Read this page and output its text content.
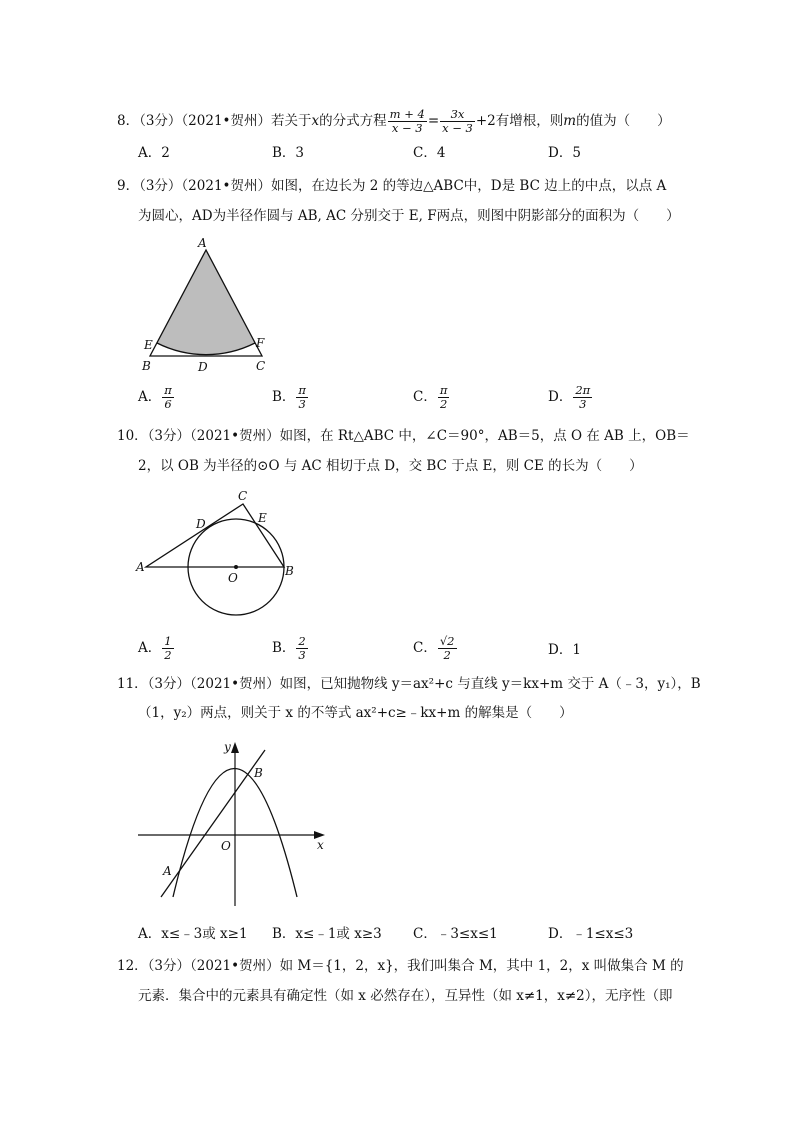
8．（3分）（2021•贺州）若关于x的分式方程 $\frac{m + 4}{x - 3} = \frac{3x}{x - 3} +2$有增根，则m的值为（　　）
A．2	B．3	C．4	D．5
9．（3分）（2021•贺州）如图，在边长为 2 的等边△ABC中，D是 BC 边上的中点，以点 A
为圆心，AD为半径作圆与 AB, AC 分别交于 E, F两点，则图中阴影部分的面积为（　　）
A
E	F
B	D	C
A． $\frac{\pi}{6}$	B． $\frac{\pi}{3}$	C． $\frac{\pi}{2}$	D． $\frac{2\pi}{3}$
10．（3分）（2021•贺州）如图，在 Rt△ABC 中，∠C＝90°，AB＝5，点 O 在 AB 上，OB＝
2，以 OB 为半径的⊙O 与 AC 相切于点 D，交 BC 于点 E，则 CE 的长为（　　）
C
D	E
A
O	B
A． $\frac{1}{2}$	B． $\frac{2}{3}$	C． $\frac{√2}{2}$	D．1
11．（3分）（2021•贺州）如图，已知抛物线 y＝ax²+c 与直线 y＝kx+m 交于 A（﹣3，y₁），B
（1，y₂）两点，则关于 x 的不等式 ax²+c≥﹣kx+m 的解集是（　　）
y
B
O	x
A
A．x≤﹣3或 x≥1 B．x≤﹣1或 x≥3 C．﹣3≤x≤1	D．﹣1≤x≤3
12．（3分）（2021•贺州）如 M＝{1，2，x}，我们叫集合 M，其中 1，2，x 叫做集合 M 的
元素．集合中的元素具有确定性（如 x 必然存在），互异性（如 x≠1，x≠2），无序性（即
